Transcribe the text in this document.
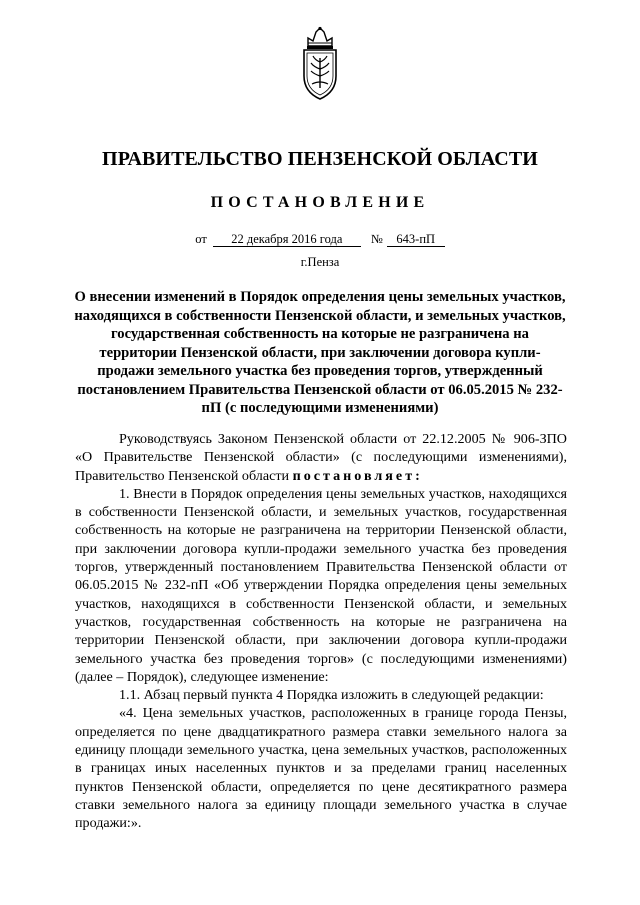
ПРАВИТЕЛЬСТВО ПЕНЗЕНСКОЙ ОБЛАСТИ
ПОСТАНОВЛЕНИЕ
от 22 декабря 2016 года № 643-пП
г.Пенза
О внесении изменений в Порядок определения цены земельных участков, находящихся в собственности Пензенской области, и земельных участков, государственная собственность на которые не разграничена на территории Пензенской области, при заключении договора купли-продажи земельного участка без проведения торгов, утвержденный постановлением Правительства Пензенской области от 06.05.2015 № 232-пП (с последующими изменениями)

Руководствуясь Законом Пензенской области от 22.12.2005 № 906-ЗПО «О Правительстве Пензенской области» (с последующими изменениями), Правительство Пензенской области постановляет:

1. Внести в Порядок определения цены земельных участков, находящихся в собственности Пензенской области, и земельных участков, государственная собственность на которые не разграничена на территории Пензенской области, при заключении договора купли-продажи земельного участка без проведения торгов, утвержденный постановлением Правительства Пензенской области от 06.05.2015 № 232-пП «Об утверждении Порядка определения цены земельных участков, находящихся в собственности Пензенской области, и земельных участков, государственная собственность на которые не разграничена на территории Пензенской области, при заключении договора купли-продажи земельного участка без проведения торгов» (с последующими изменениями) (далее – Порядок), следующее изменение:

1.1. Абзац первый пункта 4 Порядка изложить в следующей редакции:

«4. Цена земельных участков, расположенных в границе города Пензы, определяется по цене двадцатикратного размера ставки земельного налога за единицу площади земельного участка, цена земельных участков, расположенных в границах иных населенных пунктов и за пределами границ населенных пунктов Пензенской области, определяется по цене десятикратного размера ставки земельного налога за единицу площади земельного участка в случае продажи:».
